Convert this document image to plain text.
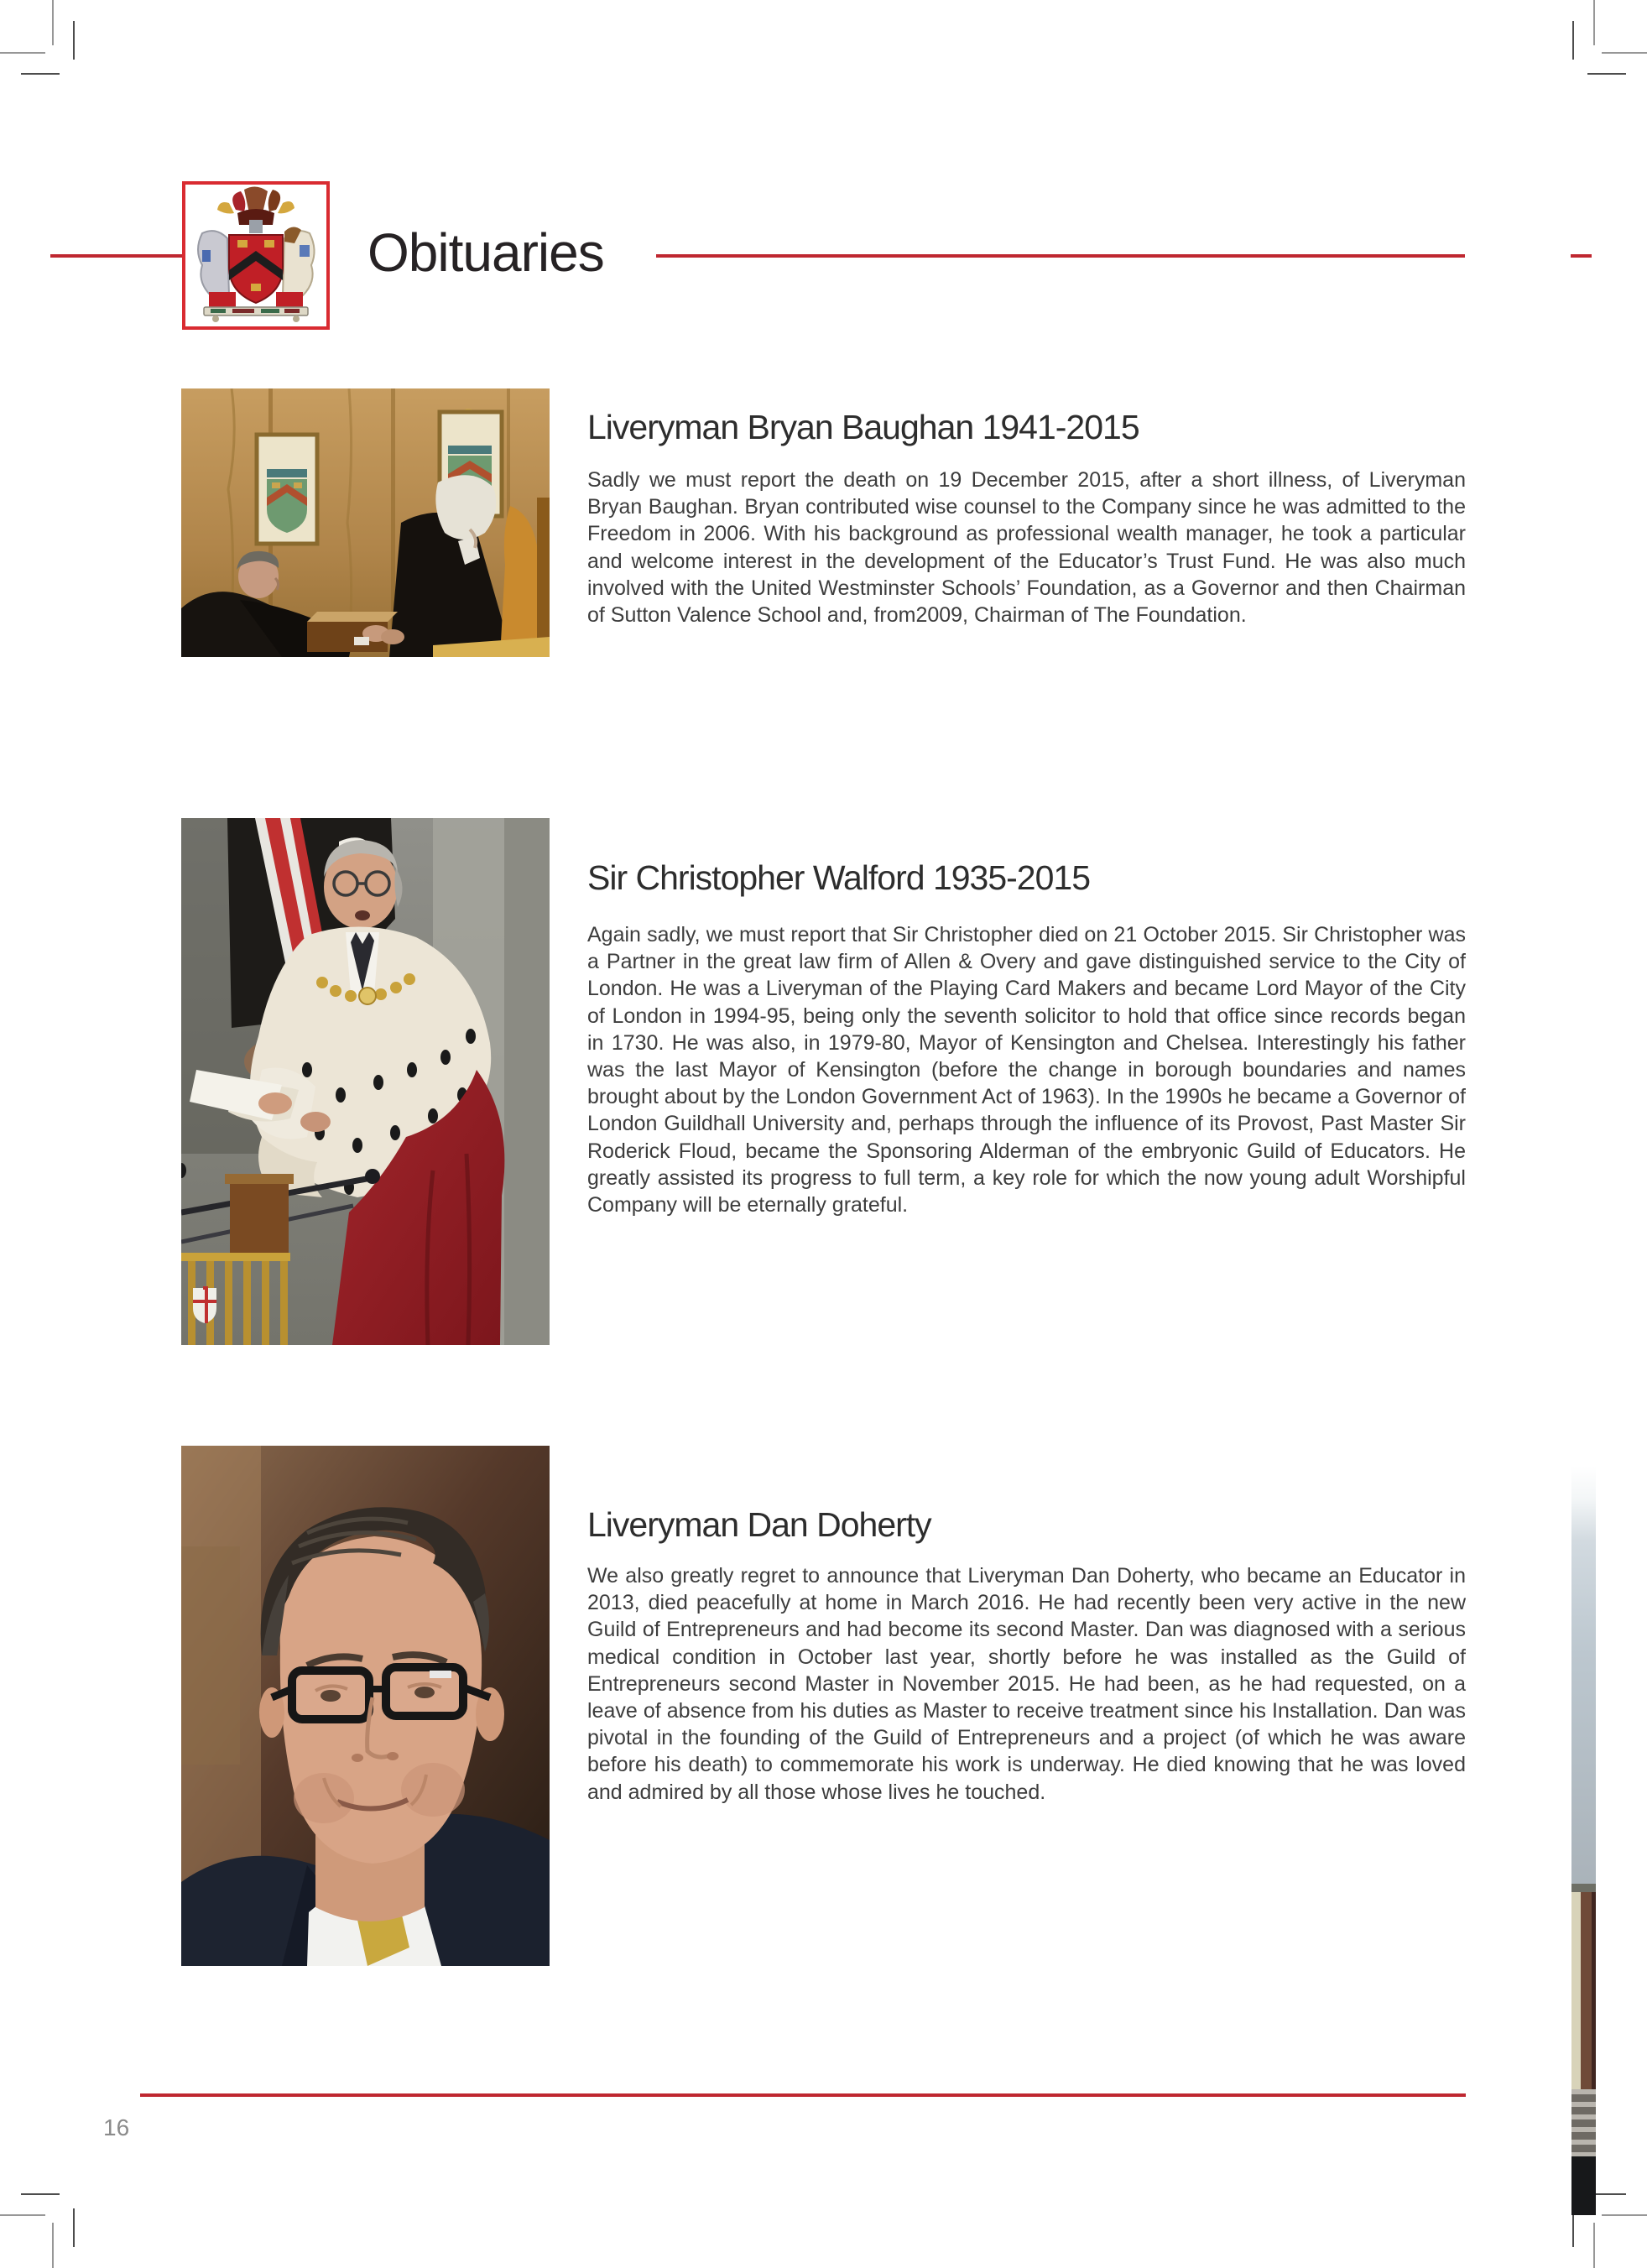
Obituaries
Liveryman Bryan Baughan 1941-2015

Sadly we must report the death on 19 December 2015, after a short illness, of Liveryman Bryan Baughan. Bryan contributed wise counsel to the Company since he was admitted to the Freedom in 2006. With his background as professional wealth manager, he took a particular and welcome interest in the development of the Educator’s Trust Fund. He was also much involved with the United Westminster Schools’ Foundation, as a Governor and then Chairman of Sutton Valence School and, from2009, Chairman of The Foundation.

Sir Christopher Walford 1935-2015

Again sadly, we must report that Sir Christopher died on 21 October 2015. Sir Christopher was a Partner in the great law firm of Allen & Overy and gave distinguished service to the City of London. He was a Liveryman of the Playing Card Makers and became Lord Mayor of the City of London in 1994-95, being only the seventh solicitor to hold that office since records began in 1730. He was also, in 1979-80, Mayor of Kensington and Chelsea. Interestingly his father was the last Mayor of Kensington (before the change in borough boundaries and names brought about by the London Government Act of 1963). In the 1990s he became a Governor of London Guildhall University and, perhaps through the influence of its Provost, Past Master Sir Roderick Floud, became the Sponsoring Alderman of the embryonic Guild of Educators. He greatly assisted its progress to full term, a key role for which the now young adult Worshipful Company will be eternally grateful.

Liveryman Dan Doherty

We also greatly regret to announce that Liveryman Dan Doherty, who became an Educator in 2013, died peacefully at home in March 2016. He had recently been very active in the new Guild of Entrepreneurs and had become its second Master. Dan was diagnosed with a serious medical condition in October last year, shortly before he was installed as the Guild of Entrepreneurs second Master in November 2015. He had been, as he had requested, on a leave of absence from his duties as Master to receive treatment since his Installation. Dan was pivotal in the founding of the Guild of Entrepreneurs and a project (of which he was aware before his death) to commemorate his work is underway. He died knowing that he was loved and admired by all those whose lives he touched.

16
